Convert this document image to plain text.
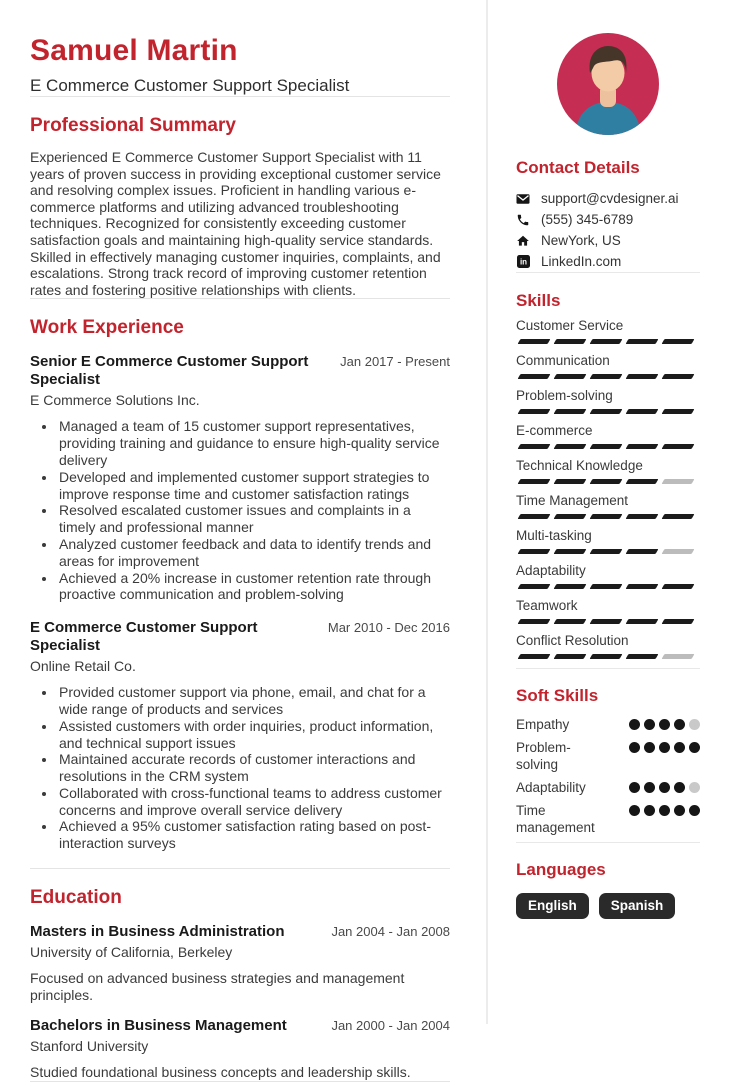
Samuel Martin
E Commerce Customer Support Specialist
Professional Summary

Experienced E Commerce Customer Support Specialist with 11 years of proven success in providing exceptional customer service and resolving complex issues. Proficient in handling various e-commerce platforms and utilizing advanced troubleshooting techniques. Recognized for consistently exceeding customer satisfaction goals and maintaining high-quality service standards. Skilled in effectively managing customer inquiries, complaints, and escalations. Strong track record of improving customer retention rates and fostering positive relationships with clients.

Work Experience
Senior E Commerce Customer Support Specialist
Jan 2017 - Present
E Commerce Solutions Inc.
• Managed a team of 15 customer support representatives, providing training and guidance to ensure high-quality service delivery
• Developed and implemented customer support strategies to improve response time and customer satisfaction ratings
• Resolved escalated customer issues and complaints in a timely and professional manner
• Analyzed customer feedback and data to identify trends and areas for improvement
• Achieved a 20% increase in customer retention rate through proactive communication and problem-solving
E Commerce Customer Support Specialist
Mar 2010 - Dec 2016
Online Retail Co.
• Provided customer support via phone, email, and chat for a wide range of products and services
• Assisted customers with order inquiries, product information, and technical support issues
• Maintained accurate records of customer interactions and resolutions in the CRM system
• Collaborated with cross-functional teams to address customer concerns and improve overall service delivery
• Achieved a 95% customer satisfaction rating based on post-interaction surveys
Education
Masters in Business Administration	Jan 2004 - Jan 2008
University of California, Berkeley
Focused on advanced business strategies and management principles.
Bachelors in Business Management	Jan 2000 - Jan 2004
Stanford University
Studied foundational business concepts and leadership skills.
Contact Details
support@cvdesigner.ai
(555) 345-6789
NewYork, US
in LinkedIn.com
Skills
Customer Service
Communication
Problem-solving
E-commerce
Technical Knowledge
Time Management
Multi-tasking
Adaptability
Teamwork
Conflict Resolution
Soft Skills
Empathy
Problem-solving
Adaptability
Time management
Languages
English	Spanish
